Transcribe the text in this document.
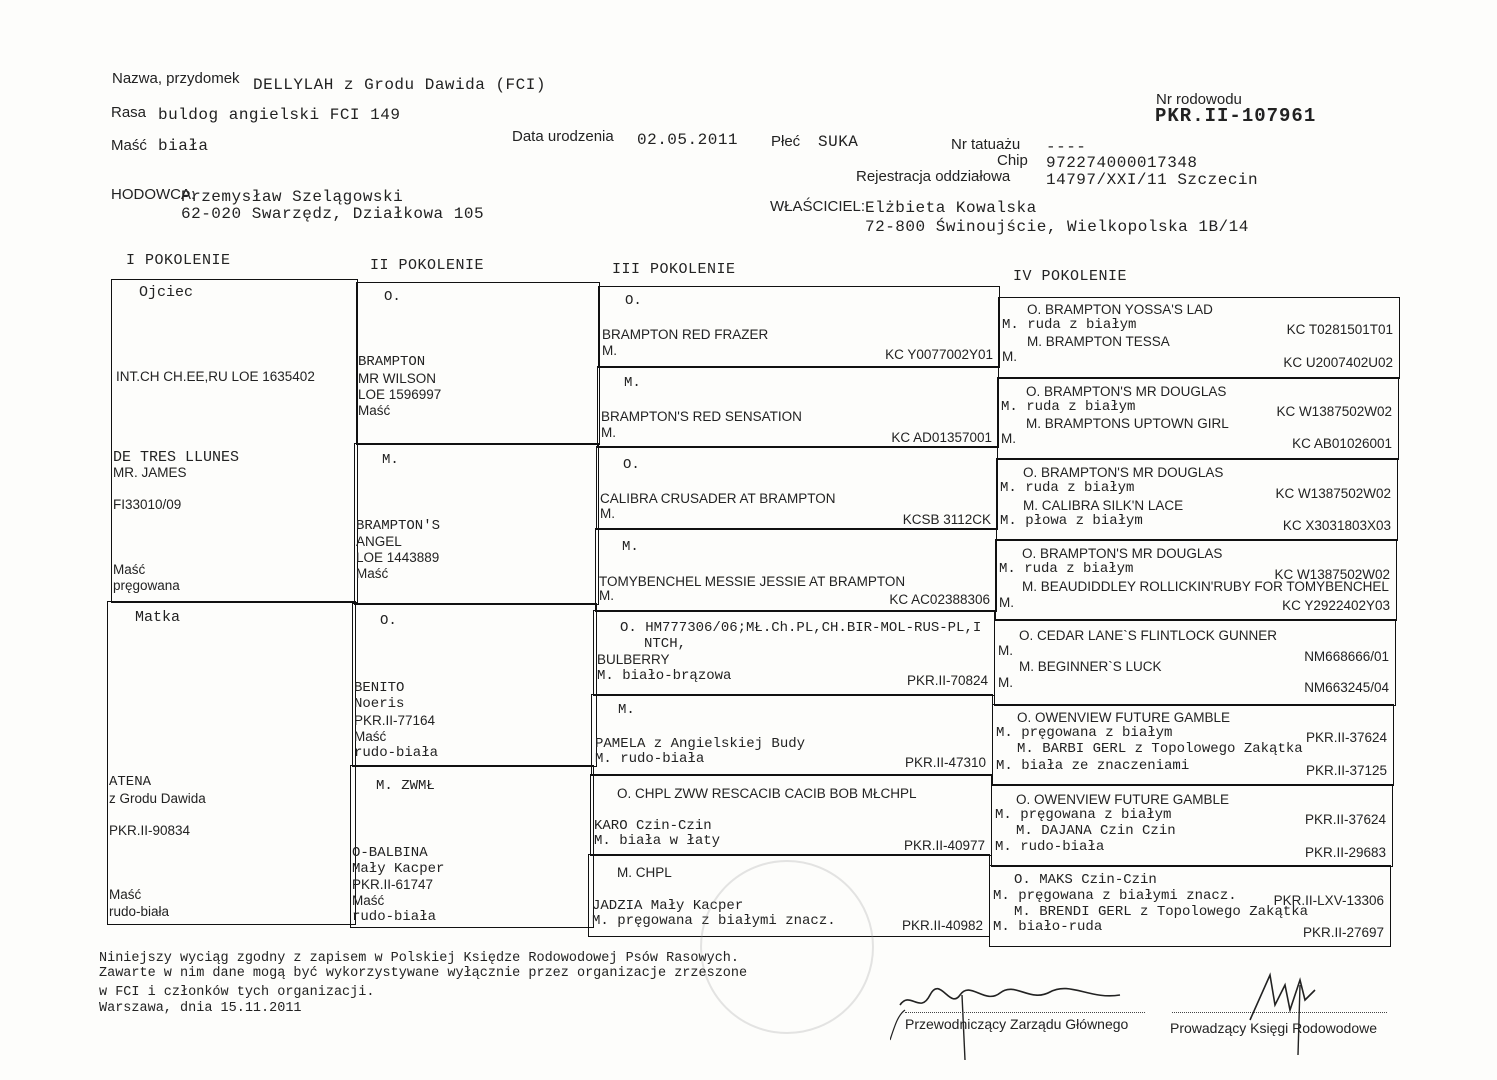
Nazwa, przydomek DELLYLAH z Grodu Dawida (FCI)
Rasa buldog angielski FCI 149
Maść biała
Nr rodowodu
PKR.II-107961
Data urodzenia 02.05.2011 Płeć SUKA	Nr tatuażu ----
Chip 972274000017348
Rejestracja oddziałowa 14797/XXI/11 Szczecin
HODOWCA:
Przemysław Szelągowski
62-020 Swarzędz, Działkowa 105	WŁAŚCICIEL: Elżbieta Kowalska
72-800 Świnoujście, Wielkopolska 1B/14
I POKOLENIE	II POKOLENIE	III POKOLENIE	IV POKOLENIE
Ojciec
INT.CH CH.EE,RU LOE 1635402
DE TRES LLUNES
MR. JAMES
FI33010/09
Maść
pręgowana
Matka
ATENA
z Grodu Dawida
PKR.II-90834
Maść
rudo-biała
O.
BRAMPTON
MR WILSON
LOE 1596997
Maść
M.
BRAMPTON'S
ANGEL
LOE 1443889
Maść
O.
BENITO
Noeris
PKR.II-77164
Maść
rudo-biała
M. ZWMŁ
O-BALBINA
Mały Kacper
PKR.II-61747
Maść
rudo-biała
O.
BRAMPTON RED FRAZER
M.	KC Y0077002Y01
M.
BRAMPTON'S RED SENSATION
M.	KC AD01357001
O.
CALIBRA CRUSADER AT BRAMPTON
M.	KCSB 3112CK
M.
TOMYBENCHEL MESSIE JESSIE AT BRAMPTON
M.	KC AC02388306
O. HM777306/06;MŁ.Ch.PL,CH.BIR-MOL-RUS-PL,I
NTCH,
BULBERRY
M. biało-brązowa	PKR.II-70824
M.
PAMELA z Angielskiej Budy
M. rudo-biała	PKR.II-47310
O. CHPL ZWW RESCACIB CACIB BOB MŁCHPL
KARO Czin-Czin
M. biała w łaty	PKR.II-40977
M. CHPL
JADZIA Mały Kacper
M. pręgowana z białymi znacz.	PKR.II-40982
O. BRAMPTON YOSSA'S LAD
M. ruda z białym	KC T0281501T01
M. BRAMPTON TESSA
M.	KC U2007402U02
O. BRAMPTON'S MR DOUGLAS
M. ruda z białym	KC W1387502W02
M. BRAMPTONS UPTOWN GIRL
M.	KC AB01026001
O. BRAMPTON'S MR DOUGLAS
M. ruda z białym	KC W1387502W02
M. CALIBRA SILK'N LACE
M. płowa z białym	KC X3031803X03
O. BRAMPTON'S MR DOUGLAS
M. ruda z białym	KC W1387502W02
M. BEAUDIDDLEY ROLLICKIN'RUBY FOR TOMYBENCHEL
M.	KC Y2922402Y03
O. CEDAR LANE`S FLINTLOCK GUNNER
M.	NM668666/01
M. BEGINNER`S LUCK
M.	NM663245/04
O. OWENVIEW FUTURE GAMBLE
M. pręgowana z białym	PKR.II-37624
M. BARBI GERL z Topolowego Zakątka
M. biała ze znaczeniami	PKR.II-37125
O. OWENVIEW FUTURE GAMBLE
M. pręgowana z białym	PKR.II-37624
M. DAJANA Czin Czin
M. rudo-biała	PKR.II-29683
O. MAKS Czin-Czin
M. pręgowana z białymi znacz.	PKR.II-LXV-13306
M. BRENDI GERL z Topolowego Zakątka
M. biało-ruda	PKR.II-27697
Niniejszy wyciąg zgodny z zapisem w Polskiej Księdze Rodowodowej Psów Rasowych.
Zawarte w nim dane mogą być wykorzystywane wyłącznie przez organizacje zrzeszone
w FCI i członków tych organizacji.
Warszawa, dnia 15.11.2011
Przewodniczący Zarządu Głównego	Prowadzący Księgi Rodowodowe
